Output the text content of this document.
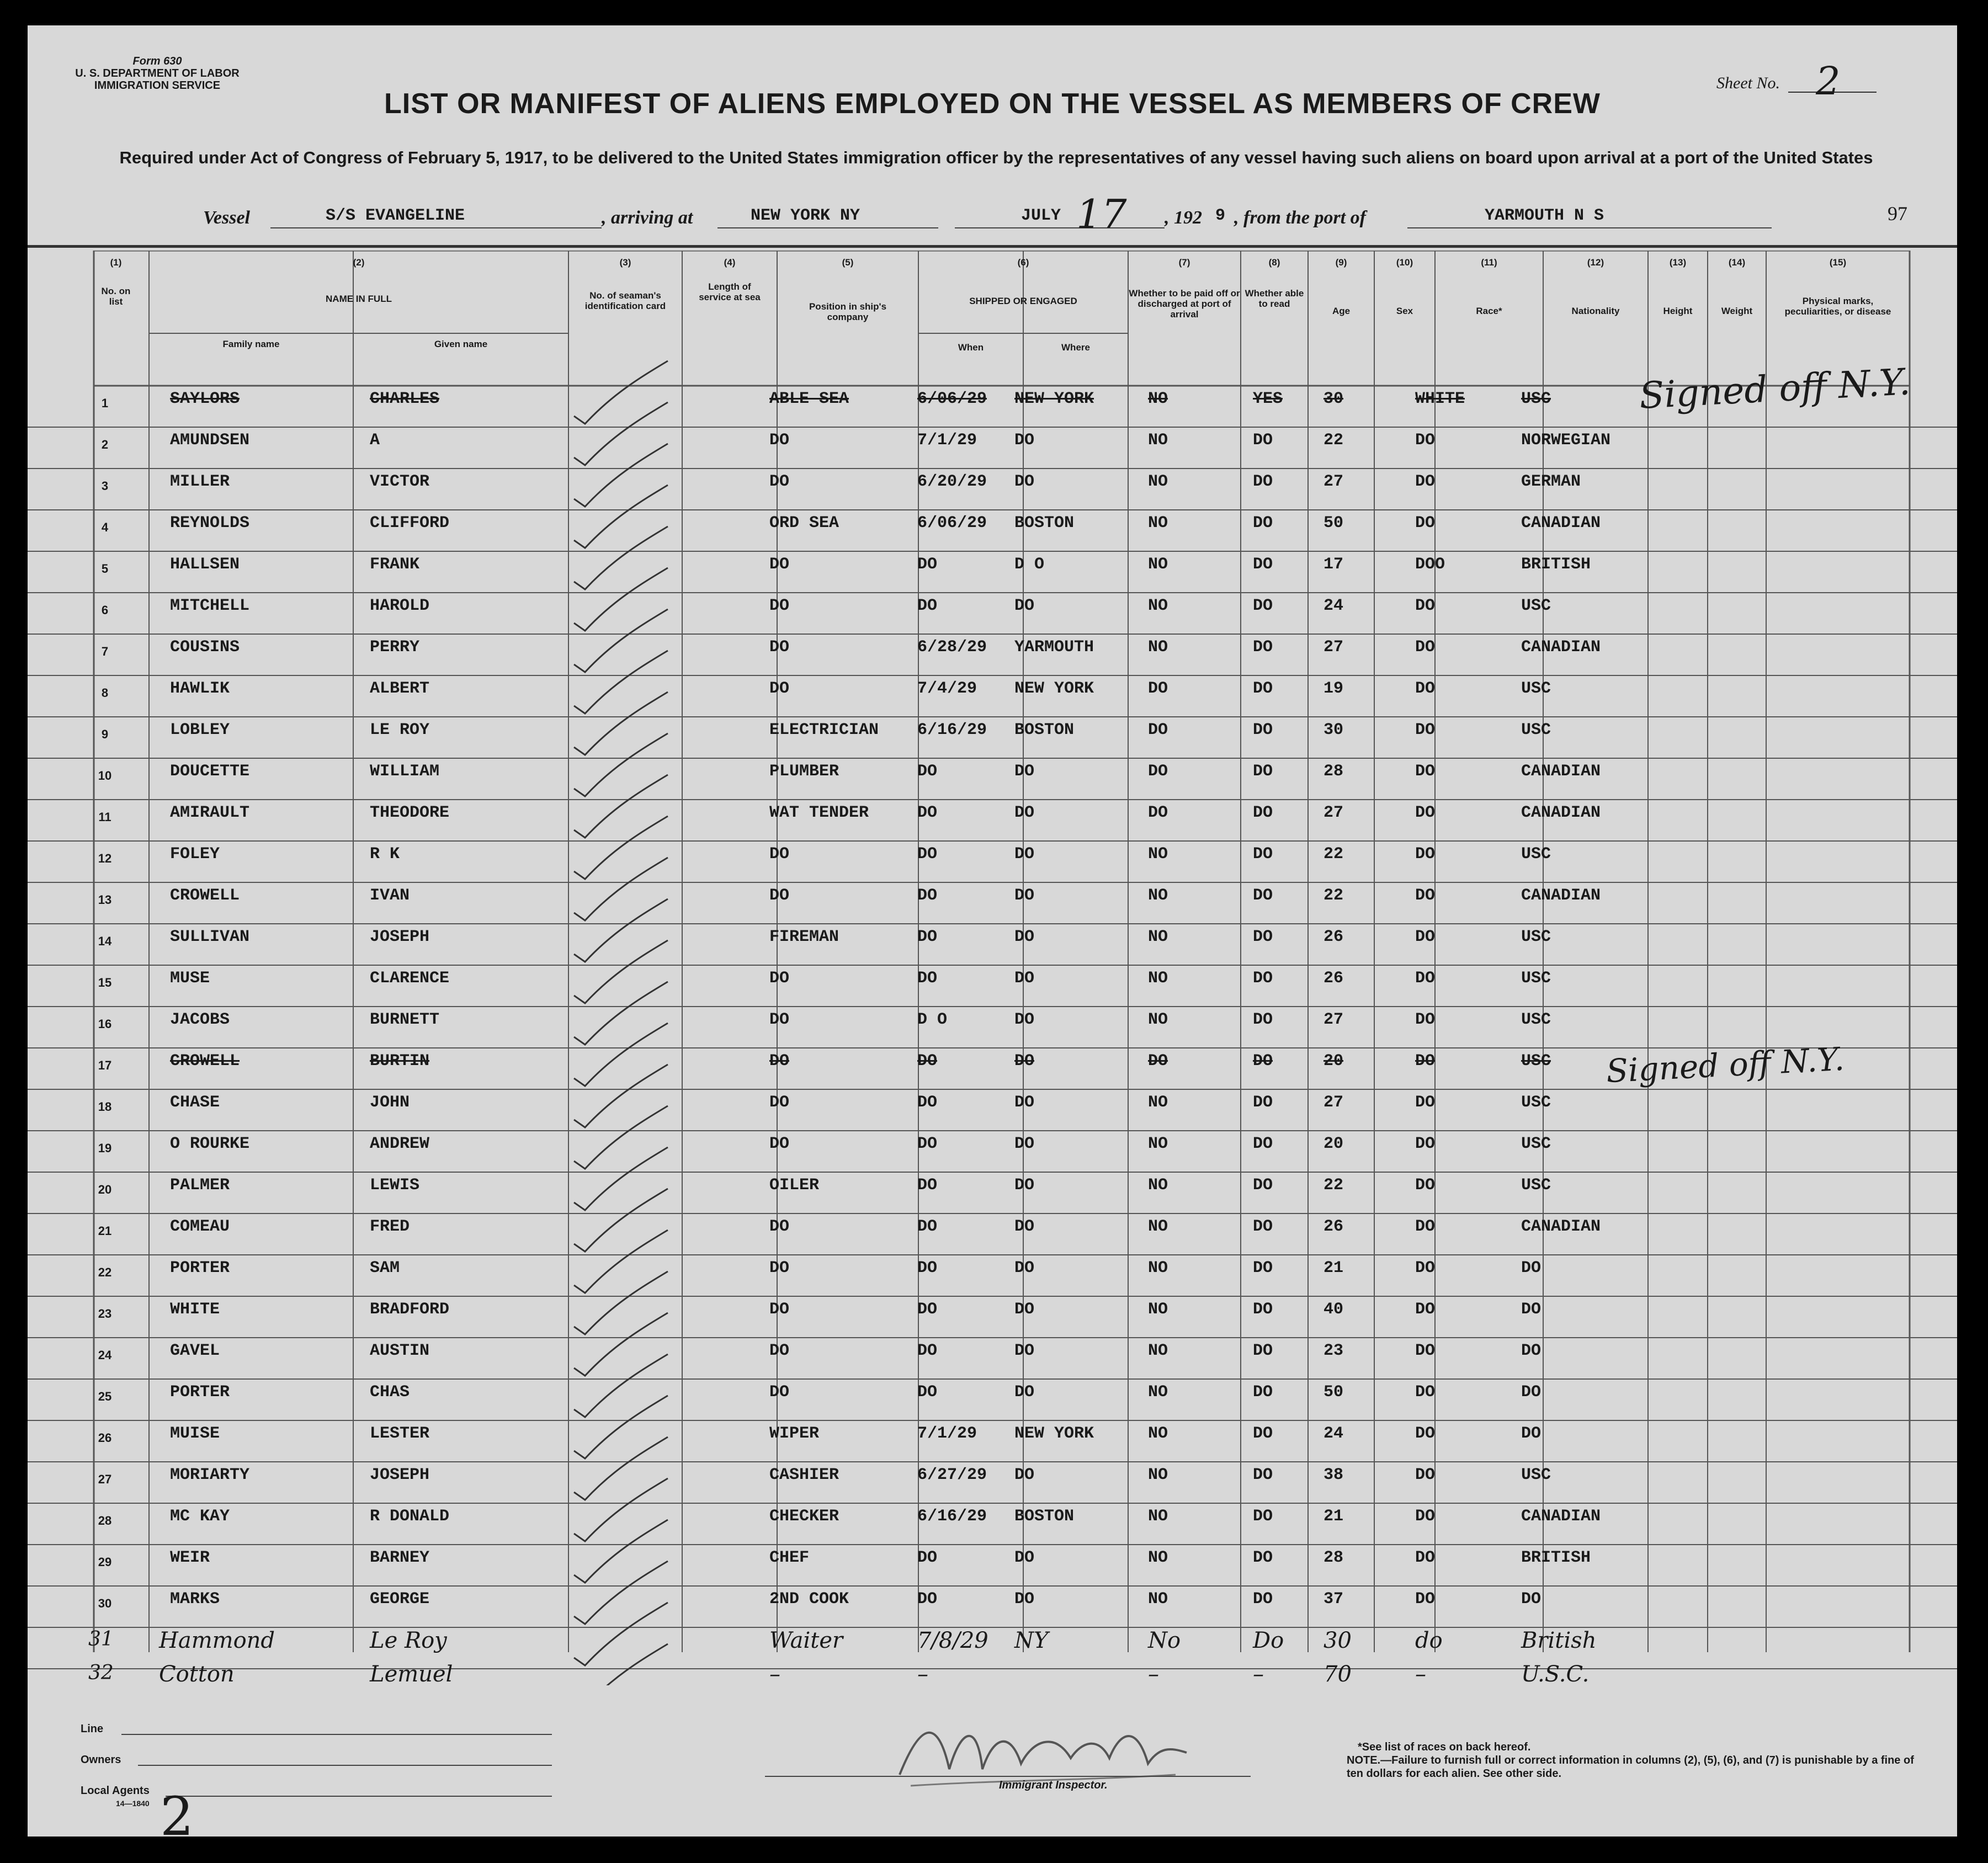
Form 630
U. S. DEPARTMENT OF LABOR
IMMIGRATION SERVICE
LIST OR MANIFEST OF ALIENS EMPLOYED ON THE VESSEL AS MEMBERS OF CREW
Sheet No. 2
Required under Act of Congress of February 5, 1917, to be delivered to the United States immigration officer by the representatives of any vessel having such aliens on board upon arrival at a port of the United States
97
Vessel	S/S EVANGELINE	, arriving at	NEW YORK NY	JULY 17 , 192 9 , from the port of	YARMOUTH N S
(1)
No. on list
(2)
NAME IN FULL
Family name	Given name
(3)
No. of seaman's identification card
(4)
Length of service at sea
(5)
Position in ship's company
(6)
SHIPPED OR ENGAGED
When	Where
(7)
Whether to be paid off or discharged at port of arrival
(8)
Whether able to read
(9)
Age
(10)
Sex
(11)
Race*
(12)
Nationality
(13)
Height
(14)
Weight
(15)
Physical marks, peculiarities, or disease
1	SAYLORS	CHARLES	ABLE SEA	6/06/29 NEW YORK	NO	YES 30	WHITE	USC
2	AMUNDSEN	A	DO	7/1/29 DO	NO	DO	22	DO	NORWEGIAN
3	MILLER	VICTOR	DO	6/20/29 DO	NO	DO	27	DO	GERMAN
4	REYNOLDS	CLIFFORD	ORD SEA	6/06/29 BOSTON	NO	DO	50	DO	CANADIAN
5	HALLSEN	FRANK	DO	DO	D O	NO	DO	17	DOO	BRITISH
6	MITCHELL	HAROLD	DO	DO	DO	NO	DO	24	DO	USC
7	COUSINS	PERRY	DO	6/28/29 YARMOUTH	NO	DO	27	DO	CANADIAN
8	HAWLIK	ALBERT	DO	7/4/29 NEW YORK	DO	DO	19	DO	USC
9	LOBLEY	LE ROY	ELECTRICIAN 6/16/29 BOSTON	DO	DO	30	DO	USC
10	DOUCETTE	WILLIAM	PLUMBER	DO	DO	DO	DO	28	DO	CANADIAN
11	AMIRAULT	THEODORE	WAT TENDER	DO	DO	DO	DO	27	DO	CANADIAN
12	FOLEY	R K	DO	DO	DO	NO	DO	22	DO	USC
13	CROWELL	IVAN	DO	DO	DO	NO	DO	22	DO	CANADIAN
14	SULLIVAN	JOSEPH	FIREMAN	DO	DO	NO	DO	26	DO	USC
15	MUSE	CLARENCE	DO	DO	DO	NO	DO	26	DO	USC
16	JACOBS	BURNETT	DO	D O	DO	NO	DO	27	DO	USC
17	CROWELL	BURTIN	DO	DO	DO	DO	DO	20	DO	USC
18	CHASE	JOHN	DO	DO	DO	NO	DO	27	DO	USC
19	O ROURKE	ANDREW	DO	DO	DO	NO	DO	20	DO	USC
20	PALMER	LEWIS	OILER	DO	DO	NO	DO	22	DO	USC
21	COMEAU	FRED	DO	DO	DO	NO	DO	26	DO	CANADIAN
22	PORTER	SAM	DO	DO	DO	NO	DO	21	DO	DO
23	WHITE	BRADFORD	DO	DO	DO	NO	DO	40	DO	DO
24	GAVEL	AUSTIN	DO	DO	DO	NO	DO	23	DO	DO
25	PORTER	CHAS	DO	DO	DO	NO	DO	50	DO	DO
26	MUISE	LESTER	WIPER	7/1/29 NEW YORK	NO	DO	24	DO	DO
27	MORIARTY	JOSEPH	CASHIER	6/27/29 DO	NO	DO	38	DO	USC
28	MC KAY	R DONALD	CHECKER	6/16/29 BOSTON	NO	DO	21	DO	CANADIAN
29	WEIR	BARNEY	CHEF	DO	DO	NO	DO	28	DO	BRITISH
30	MARKS	GEORGE	2ND COOK	DO	DO	NO	DO	37	DO	DO
31 Hammond	Le Roy	Waiter	7/8/29 NY	No	Do 30	do	British
32 Cotton	Lemuel	–	–	–	–	70	–	U.S.C.
Signed off N.Y.
Signed off N.Y.
Line
Owners
Local Agents
14—1840 2
Immigrant Inspector.
*See list of races on back hereof.
NOTE.—Failure to furnish full or correct information in columns (2), (5), (6), and (7) is punishable by a fine of ten dollars for each alien. See other side.
